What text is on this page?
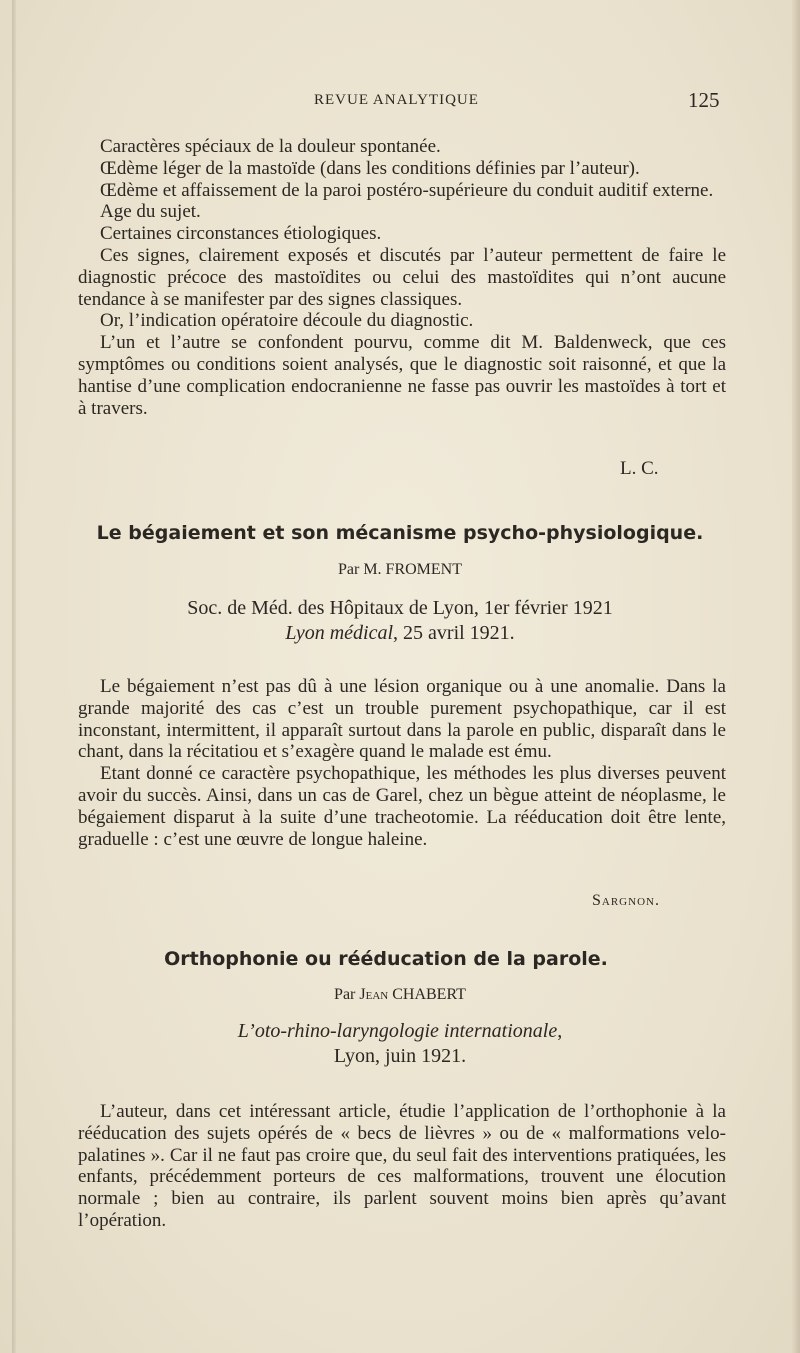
REVUE ANALYTIQUE	125

Caractères spéciaux de la douleur spontanée.

Œdème léger de la mastoïde (dans les conditions définies par l’auteur).

Œdème et affaissement de la paroi postéro-supérieure du conduit auditif externe.

Age du sujet.

Certaines circonstances étiologiques.

Ces signes, clairement exposés et discutés par l’auteur permettent de faire le diagnostic précoce des mastoïdites ou celui des mastoïdites qui n’ont aucune tendance à se manifester par des signes classiques.

Or, l’indication opératoire découle du diagnostic.

L’un et l’autre se confondent pourvu, comme dit M. Baldenweck, que ces symptômes ou conditions soient analysés, que le diagnostic soit raisonné, et que la hantise d’une complication endocranienne ne fasse pas ouvrir les mastoïdes à tort et à travers.

L. C.
Le bégaiement et son mécanisme psycho-physiologique.
Par M. FROMENT
Soc. de Méd. des Hôpitaux de Lyon, 1er février 1921
Lyon médical, 25 avril 1921.

Le bégaiement n’est pas dû à une lésion organique ou à une anomalie. Dans la grande majorité des cas c’est un trouble purement psychopathique, car il est inconstant, intermittent, il apparaît surtout dans la parole en public, disparaît dans le chant, dans la récitatiou et s’exagère quand le malade est ému.

Etant donné ce caractère psychopathique, les méthodes les plus diverses peuvent avoir du succès. Ainsi, dans un cas de Garel, chez un bègue atteint de néoplasme, le bégaiement disparut à la suite d’une tracheotomie. La rééducation doit être lente, graduelle : c’est une œuvre de longue haleine.

Sargnon.
Orthophonie ou rééducation de la parole.
Par Jean CHABERT
L’oto-rhino-laryngologie internationale,
Lyon, juin 1921.

L’auteur, dans cet intéressant article, étudie l’application de l’orthophonie à la rééducation des sujets opérés de « becs de lièvres » ou de « malformations velo-palatines ». Car il ne faut pas croire que, du seul fait des interventions pratiquées, les enfants, précédemment porteurs de ces malformations, trouvent une élocution normale ; bien au contraire, ils parlent souvent moins bien après qu’avant l’opération.
